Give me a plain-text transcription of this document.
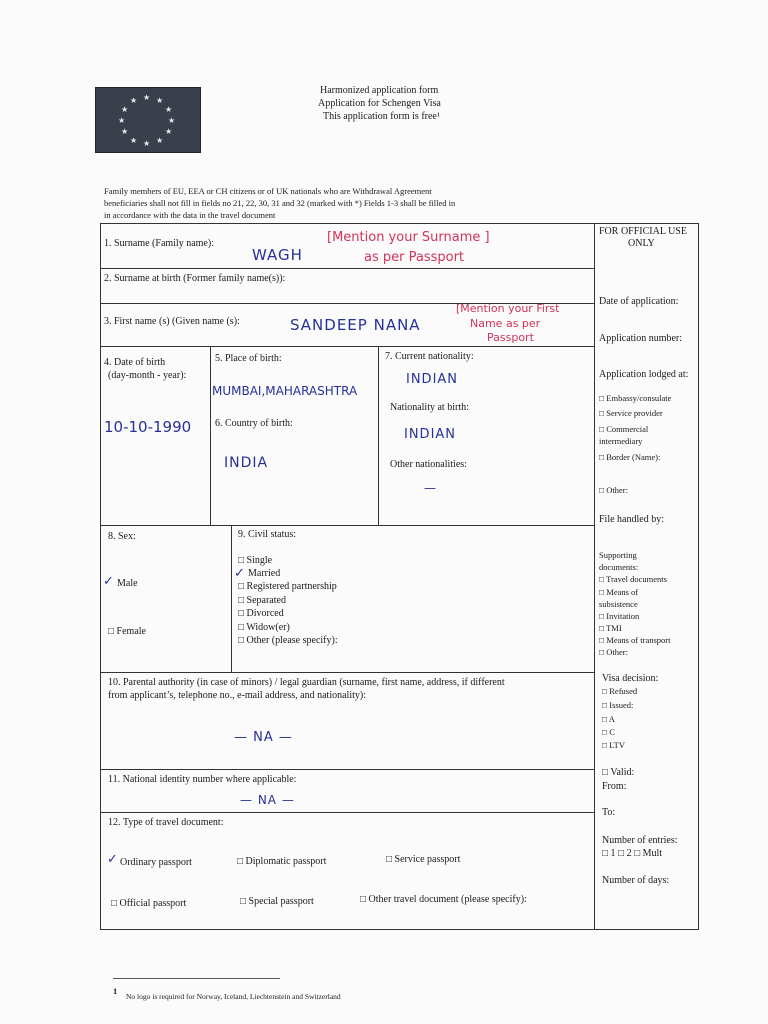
★ ★
★
★
★
★
★
★
★
★
★
★
Harmonized application form
Application for Schengen Visa
This application form is free¹
Family members of EU, EEA or CH citizens or of UK nationals who are Withdrawal Agreement
beneficiaries shall not fill in fields no 21, 22, 30, 31 and 32 (marked with *) Fields 1-3 shall be filled in
in accordance with the data in the travel document
FOR OFFICIAL USE
ONLY
Date of application:
Application number:
Application lodged at:
□ Embassy/consulate
□ Service provider
□ Commercial
intermediary
□ Border (Name):
□ Other:
File handled by:
Supporting
documents:
□ Travel documents
□ Means of
subsistence
□ Invitation
□ TMI
□ Means of transport
□ Other:
Visa decision:
□ Refused
□ Issued:
□ A
□ C
□ LTV
□ Valid:
From:
To:
Number of entries:
□ 1 □ 2 □ Mult
Number of days:
1. Surname (Family name):
WAGH
[Mention your Surname ]
as per Passport
2. Surname at birth (Former family name(s)):
3. First name (s) (Given name (s):	SANDEEP NANA
[Mention your First
Name as per
Passport
4. Date of birth
(day-month - year):
10-10-1990
5. Place of birth:
MUMBAI,MAHARASHTRA
6. Country of birth:
INDIA
7. Current nationality:
INDIAN
Nationality at birth:
INDIAN
Other nationalities:
—
8. Sex:
✓ Male
□ Female
9. Civil status:
□ Single
✓ Married
□ Registered partnership
□ Separated
□ Divorced
□ Widow(er)
□ Other (please specify):
10. Parental authority (in case of minors) / legal guardian (surname, first name, address, if different
from applicant’s, telephone no., e-mail address, and nationality):
— NA —
11. National identity number where applicable:
— NA —
12. Type of travel document:
✓ Ordinary passport	□ Diplomatic passport	□ Service passport
□ Official passport	□ Special passport	□ Other travel document (please specify):
1
No logo is required for Norway, Iceland, Liechtenstein and Switzerland
